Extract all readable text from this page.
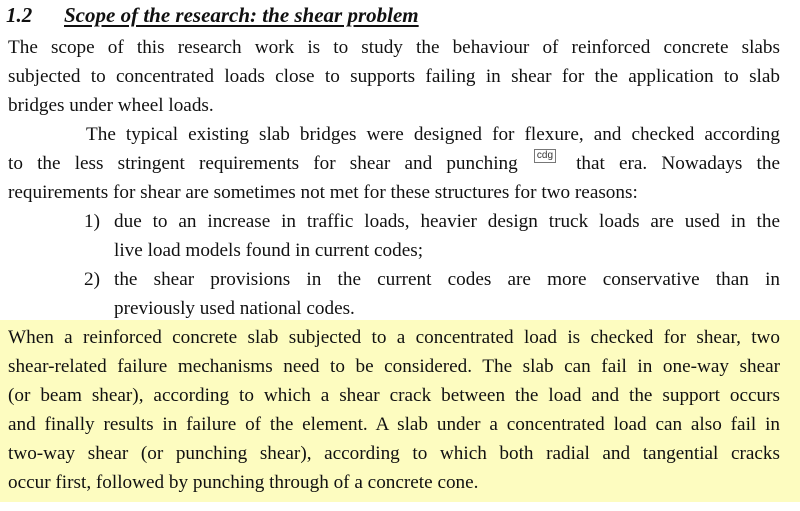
1.2 Scope of the research: the shear problem
The scope of this research work is to study the behaviour of reinforced concrete slabs
subjected to concentrated loads close to supports failing in shear for the application to slab
bridges under wheel loads.
The typical existing slab bridges were designed for flexure, and checked according
to the less stringent requirements for shear and punching	cdg that era. Nowadays the
requirements for shear are sometimes not met for these structures for two reasons:
1) due to an increase in traffic loads, heavier design truck loads are used in the
live load models found in current codes;
2) the shear provisions in the current codes are more conservative than in
previously used national codes.
When a reinforced concrete slab subjected to a concentrated load is checked for shear, two
shear-related failure mechanisms need to be considered. The slab can fail in one-way shear
(or beam shear), according to which a shear crack between the load and the support occurs
and finally results in failure of the element. A slab under a concentrated load can also fail in
two-way shear (or punching shear), according to which both radial and tangential cracks
occur first, followed by punching through of a concrete cone.
